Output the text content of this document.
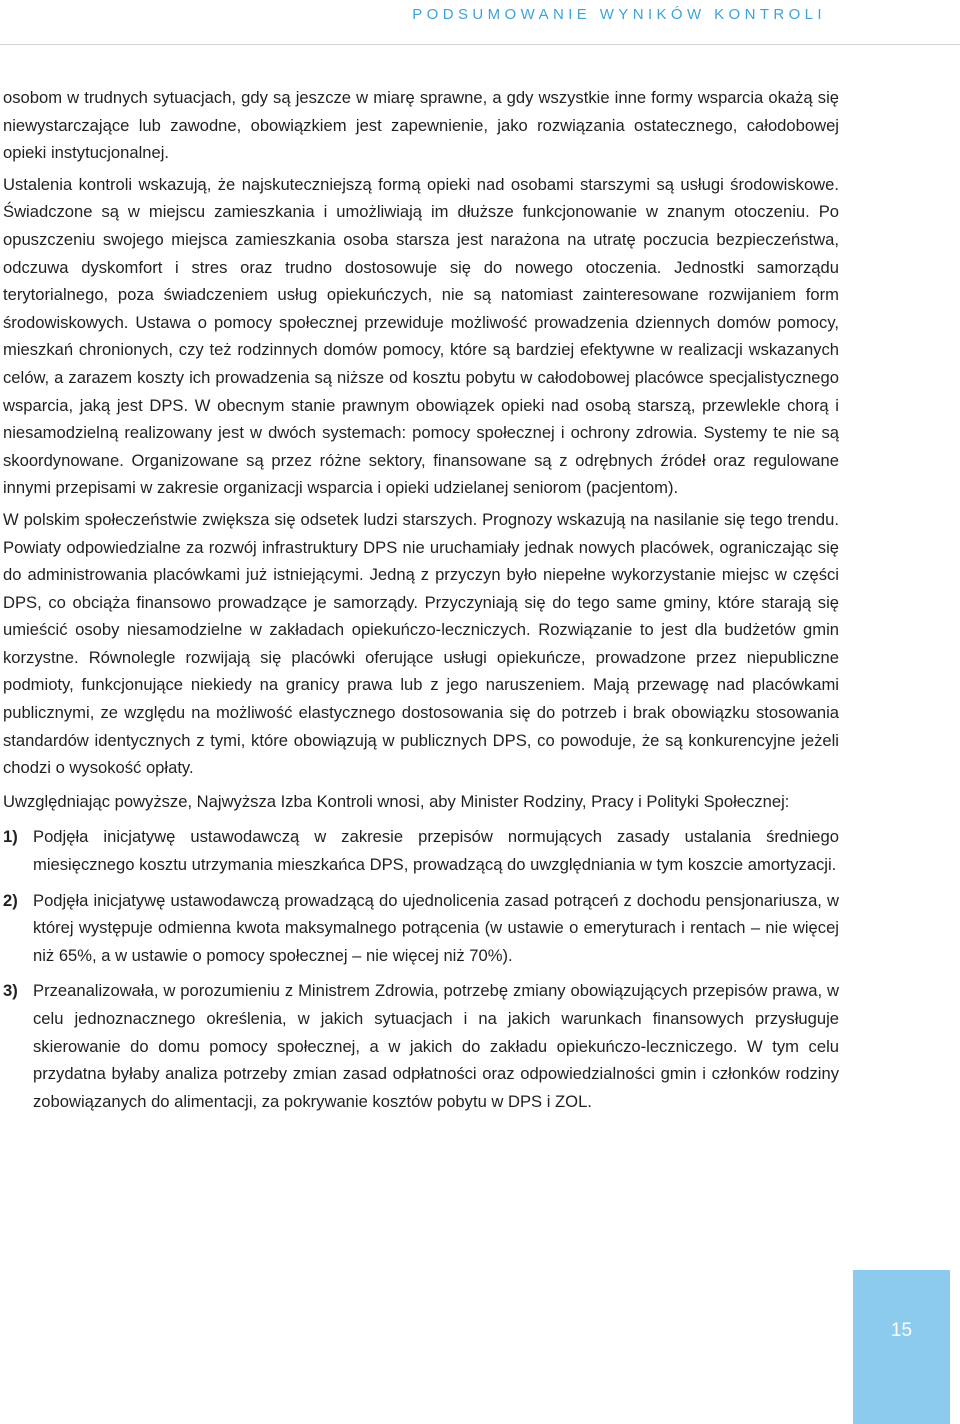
PODSUMOWANIE WYNIKÓW KONTROLI

osobom w trudnych sytuacjach, gdy są jeszcze w miarę sprawne, a gdy wszystkie inne formy wsparcia okażą się niewystarczające lub zawodne, obowiązkiem jest zapewnienie, jako rozwiązania ostatecznego, całodobowej opieki instytucjonalnej.

Ustalenia kontroli wskazują, że najskuteczniejszą formą opieki nad osobami starszymi są usługi środowiskowe. Świadczone są w miejscu zamieszkania i umożliwiają im dłuższe funkcjonowanie w znanym otoczeniu. Po opuszczeniu swojego miejsca zamieszkania osoba starsza jest narażona na utratę poczucia bezpieczeństwa, odczuwa dyskomfort i stres oraz trudno dostosowuje się do nowego otoczenia. Jednostki samorządu terytorialnego, poza świadczeniem usług opiekuńczych, nie są natomiast zainteresowane rozwijaniem form środowiskowych. Ustawa o pomocy społecznej przewiduje możliwość prowadzenia dziennych domów pomocy, mieszkań chronionych, czy też rodzinnych domów pomocy, które są bardziej efektywne w realizacji wskazanych celów, a zarazem koszty ich prowadzenia są niższe od kosztu pobytu w całodobowej placówce specjalistycznego wsparcia, jaką jest DPS. W obecnym stanie prawnym obowiązek opieki nad osobą starszą, przewlekle chorą i niesamodzielną realizowany jest w dwóch systemach: pomocy społecznej i ochrony zdrowia. Systemy te nie są skoordynowane. Organizowane są przez różne sektory, finansowane są z odrębnych źródeł oraz regulowane innymi przepisami w zakresie organizacji wsparcia i opieki udzielanej seniorom (pacjentom).

W polskim społeczeństwie zwiększa się odsetek ludzi starszych. Prognozy wskazują na nasilanie się tego trendu. Powiaty odpowiedzialne za rozwój infrastruktury DPS nie uruchamiały jednak nowych placówek, ograniczając się do administrowania placówkami już istniejącymi. Jedną z przyczyn było niepełne wykorzystanie miejsc w części DPS, co obciąża finansowo prowadzące je samorządy. Przyczyniają się do tego same gminy, które starają się umieścić osoby niesamodzielne w zakładach opiekuńczo-leczniczych. Rozwiązanie to jest dla budżetów gmin korzystne. Równolegle rozwijają się placówki oferujące usługi opiekuńcze, prowadzone przez niepubliczne podmioty, funkcjonujące niekiedy na granicy prawa lub z jego naruszeniem. Mają przewagę nad placówkami publicznymi, ze względu na możliwość elastycznego dostosowania się do potrzeb i brak obowiązku stosowania standardów identycznych z tymi, które obowiązują w publicznych DPS, co powoduje, że są konkurencyjne jeżeli chodzi o wysokość opłaty.

Uwzględniając powyższe, Najwyższa Izba Kontroli wnosi, aby Minister Rodziny, Pracy i Polityki Społecznej:

1) Podjęła inicjatywę ustawodawczą w zakresie przepisów normujących zasady ustalania średniego miesięcznego kosztu utrzymania mieszkańca DPS, prowadzącą do uwzględniania w tym koszcie amortyzacji.
2) Podjęła inicjatywę ustawodawczą prowadzącą do ujednolicenia zasad potrąceń z dochodu pensjonariusza, w której występuje odmienna kwota maksymalnego potrącenia (w ustawie o emeryturach i rentach – nie więcej niż 65%, a w ustawie o pomocy społecznej – nie więcej niż 70%).
3) Przeanalizowała, w porozumieniu z Ministrem Zdrowia, potrzebę zmiany obowiązujących przepisów prawa, w celu jednoznacznego określenia, w jakich sytuacjach i na jakich warunkach finansowych przysługuje skierowanie do domu pomocy społecznej, a w jakich do zakładu opiekuńczo-leczniczego. W tym celu przydatna byłaby analiza potrzeby zmian zasad odpłatności oraz odpowiedzialności gmin i członków rodziny zobowiązanych do alimentacji, za pokrywanie kosztów pobytu w DPS i ZOL.
15
